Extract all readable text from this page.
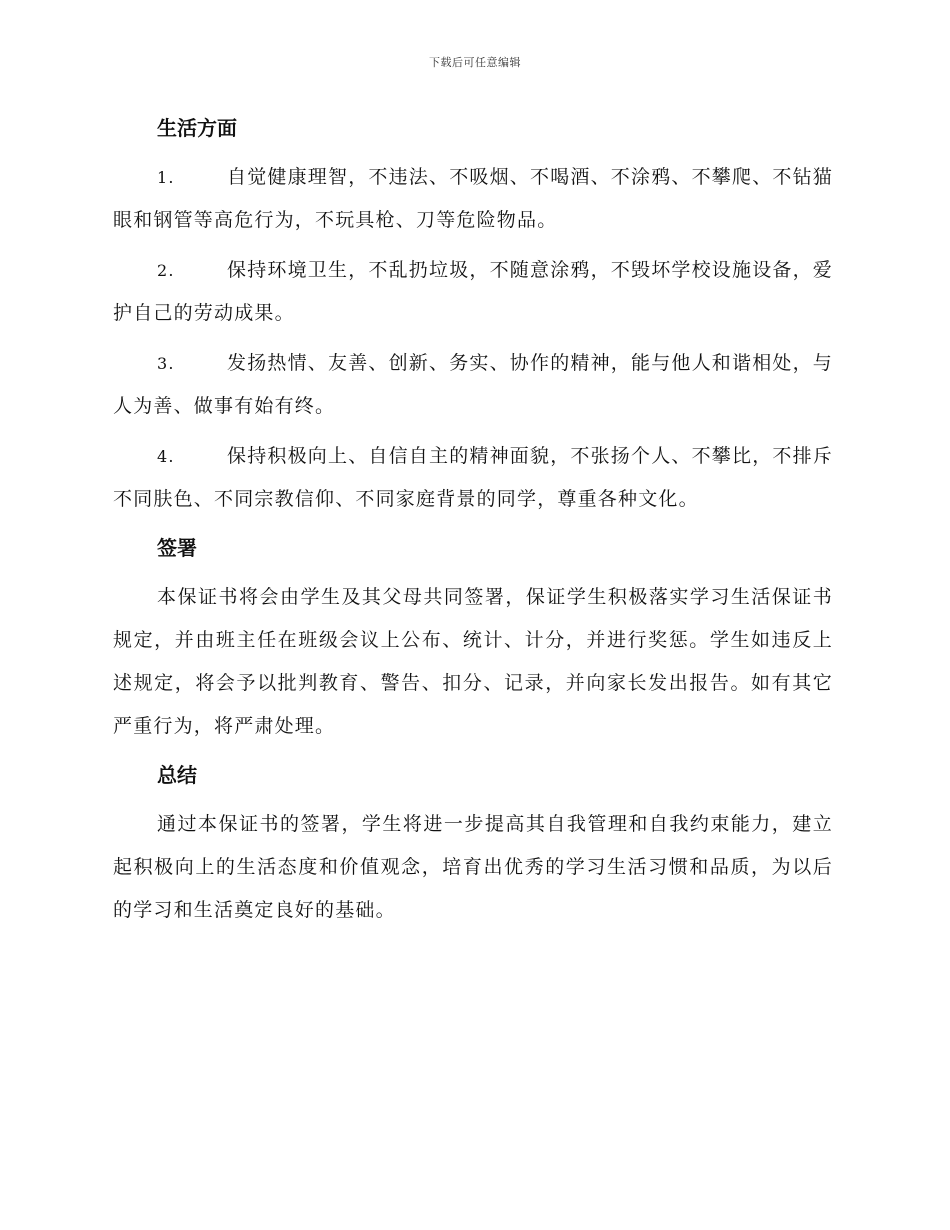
下载后可任意编辑
生活方面
1.	自觉健康理智，不违法、不吸烟、不喝酒、不涂鸦、不攀爬、不钻猫眼和钢管等高危行为，不玩具枪、刀等危险物品。
2.	保持环境卫生，不乱扔垃圾，不随意涂鸦，不毁坏学校设施设备，爱护自己的劳动成果。
3.	发扬热情、友善、创新、务实、协作的精神，能与他人和谐相处，与人为善、做事有始有终。
4.	保持积极向上、自信自主的精神面貌，不张扬个人、不攀比，不排斥不同肤色、不同宗教信仰、不同家庭背景的同学，尊重各种文化。
签署
本保证书将会由学生及其父母共同签署，保证学生积极落实学习生活保证书规定，并由班主任在班级会议上公布、统计、计分，并进行奖惩。学生如违反上述规定，将会予以批判教育、警告、扣分、记录，并向家长发出报告。如有其它严重行为，将严肃处理。
总结
通过本保证书的签署，学生将进一步提高其自我管理和自我约束能力，建立起积极向上的生活态度和价值观念，培育出优秀的学习生活习惯和品质，为以后的学习和生活奠定良好的基础。
